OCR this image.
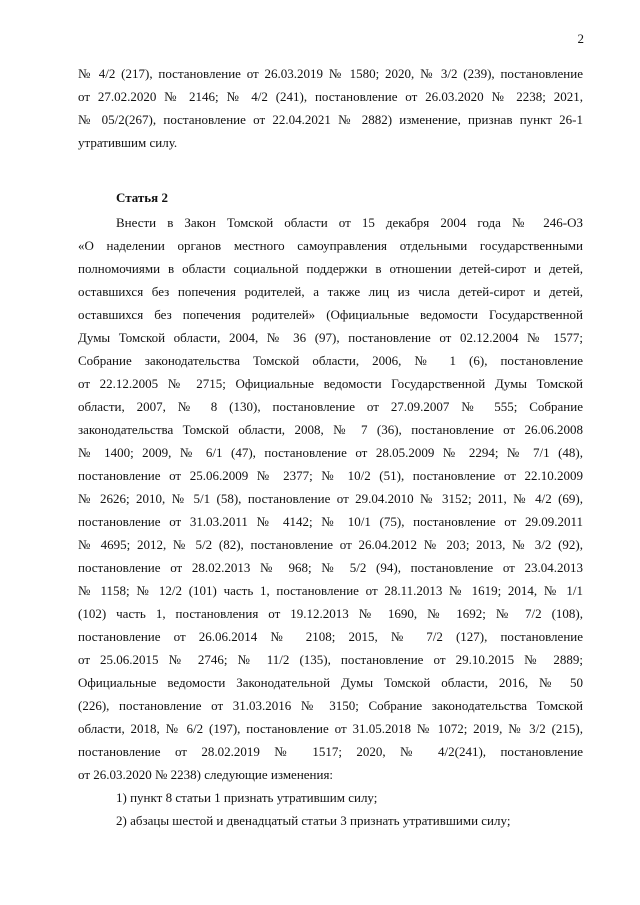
2
№ 4/2 (217), постановление от 26.03.2019 № 1580; 2020, № 3/2 (239), постановление
от 27.02.2020 № 2146; № 4/2 (241), постановление от 26.03.2020 № 2238; 2021,
№ 05/2(267), постановление от 22.04.2021 № 2882) изменение, признав пункт 26-1
утратившим силу.
Статья 2
Внести в Закон Томской области от 15 декабря 2004 года № 246-ОЗ
«О наделении органов местного самоуправления отдельными государственными
полномочиями в области социальной поддержки в отношении детей-сирот и детей,
оставшихся без попечения родителей, а также лиц из числа детей-сирот и детей,
оставшихся без попечения родителей» (Официальные ведомости Государственной
Думы Томской области, 2004, № 36 (97), постановление от 02.12.2004 № 1577;
Собрание законодательства Томской области, 2006, № 1 (6), постановление
от 22.12.2005 № 2715; Официальные ведомости Государственной Думы Томской
области, 2007, № 8 (130), постановление от 27.09.2007 № 555; Собрание
законодательства Томской области, 2008, № 7 (36), постановление от 26.06.2008
№ 1400; 2009, № 6/1 (47), постановление от 28.05.2009 № 2294; № 7/1 (48),
постановление от 25.06.2009 № 2377; № 10/2 (51), постановление от 22.10.2009
№ 2626; 2010, № 5/1 (58), постановление от 29.04.2010 № 3152; 2011, № 4/2 (69),
постановление от 31.03.2011 № 4142; № 10/1 (75), постановление от 29.09.2011
№ 4695; 2012, № 5/2 (82), постановление от 26.04.2012 № 203; 2013, № 3/2 (92),
постановление от 28.02.2013 № 968; № 5/2 (94), постановление от 23.04.2013
№ 1158; № 12/2 (101) часть 1, постановление от 28.11.2013 № 1619; 2014, № 1/1
(102) часть 1, постановления от 19.12.2013 № 1690, № 1692; № 7/2 (108),
постановление от 26.06.2014 № 2108; 2015, № 7/2 (127), постановление
от 25.06.2015 № 2746; № 11/2 (135), постановление от 29.10.2015 № 2889;
Официальные ведомости Законодательной Думы Томской области, 2016, № 50
(226), постановление от 31.03.2016 № 3150; Собрание законодательства Томской
области, 2018, № 6/2 (197), постановление от 31.05.2018 № 1072; 2019, № 3/2 (215),
постановление от 28.02.2019 № 1517; 2020, № 4/2(241), постановление
от 26.03.2020 № 2238) следующие изменения:
1) пункт 8 статьи 1 признать утратившим силу;
2) абзацы шестой и двенадцатый статьи 3 признать утратившими силу;
